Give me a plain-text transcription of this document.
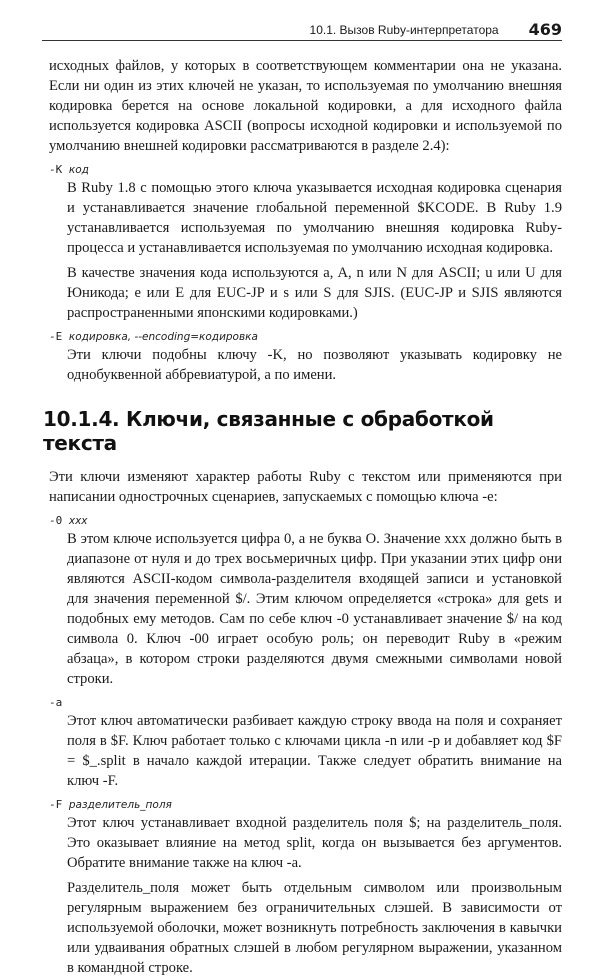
10.1. Вызов Ruby-интерпретатора 469

исходных файлов, у которых в соответствующем комментарии она не указана. Если ни один из этих ключей не указан, то используемая по умолчанию внешняя кодировка берется на основе локальной кодировки, а для исходного файла используется кодировка ASCII (вопросы исходной кодировки и используемой по умолчанию внешней кодировки рассматриваются в разделе 2.4):

-K код

В Ruby 1.8 с помощью этого ключа указывается исходная кодировка сценария и устанавливается значение глобальной переменной $KCODE. В Ruby 1.9 устанавливается используемая по умолчанию внешняя кодировка Ruby-процесса и устанавливается используемая по умолчанию исходная кодировка.

В качестве значения кода используются a, A, n или N для ASCII; u или U для Юникода; e или E для EUC-JP и s или S для SJIS. (EUC-JP и SJIS являются распространенными японскими кодировками.)

-E кодировка, --encoding=кодировка

Эти ключи подобны ключу -K, но позволяют указывать кодировку не однобуквенной аббревиатурой, а по имени.

10.1.4. Ключи, связанные с обработкой текста

Эти ключи изменяют характер работы Ruby с текстом или применяются при написании однострочных сценариев, запускаемых с помощью ключа -e:

-0 xxx

В этом ключе используется цифра 0, а не буква O. Значение xxx должно быть в диапазоне от нуля и до трех восьмеричных цифр. При указании этих цифр они являются ASCII-кодом символа-разделителя входящей записи и установкой для значения переменной $/. Этим ключом определяется «строка» для gets и подобных ему методов. Сам по себе ключ -0 устанавливает значение $/ на код символа 0. Ключ -00 играет особую роль; он переводит Ruby в «режим абзаца», в котором строки разделяются двумя смежными символами новой строки.

-a

Этот ключ автоматически разбивает каждую строку ввода на поля и сохраняет поля в $F. Ключ работает только с ключами цикла -n или -p и добавляет код $F = $_.split в начало каждой итерации. Также следует обратить внимание на ключ -F.

-F разделитель_поля

Этот ключ устанавливает входной разделитель поля $; на разделитель_поля. Это оказывает влияние на метод split, когда он вызывается без аргументов. Обратите внимание также на ключ -a.

Разделитель_поля может быть отдельным символом или произвольным регулярным выражением без ограничительных слэшей. В зависимости от используемой оболочки, может возникнуть потребность заключения в кавычки или удваивания обратных слэшей в любом регулярном выражении, указанном в командной строке.
